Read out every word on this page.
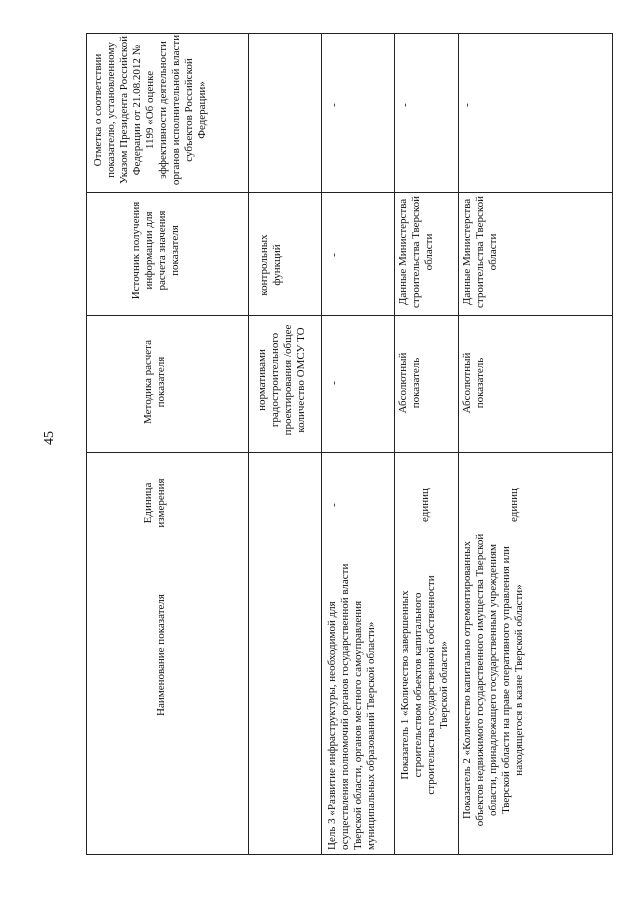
45
Наименование показателя
Единица измерения
Методика расчета показателя
Источник получения информации для расчета значения показателя
Отметка о соответствии показателю, установленному Указом Президента Российской Федерации от 21.08.2012 № 1199 «Об оценке эффективности деятельности органов исполнительной власти субъектов Российской Федерации»
нормативами градостроительного проектирования /общее количество ОМСУ ТО
контрольных функций
Цель 3 «Развитие инфраструктуры, необходимой для осуществления полномочий органов государственной власти Тверской области, органов местного самоуправления муниципальных образований Тверской области»
-
-
-
-
Показатель 1 «Количество завершенных строительством объектов капитального строительства государственной собственности Тверской области»
единиц
Абсолютный показатель
Данные Министерства строительства Тверской области
-
Показатель 2 «Количество капитально отремонтированных объектов недвижимого государственного имущества Тверской области, принадлежащего государственным учреждениям Тверской области на праве оперативного управления или находящегося в казне Тверской области»
единиц
Абсолютный показатель
Данные Министерства строительства Тверской области
-
